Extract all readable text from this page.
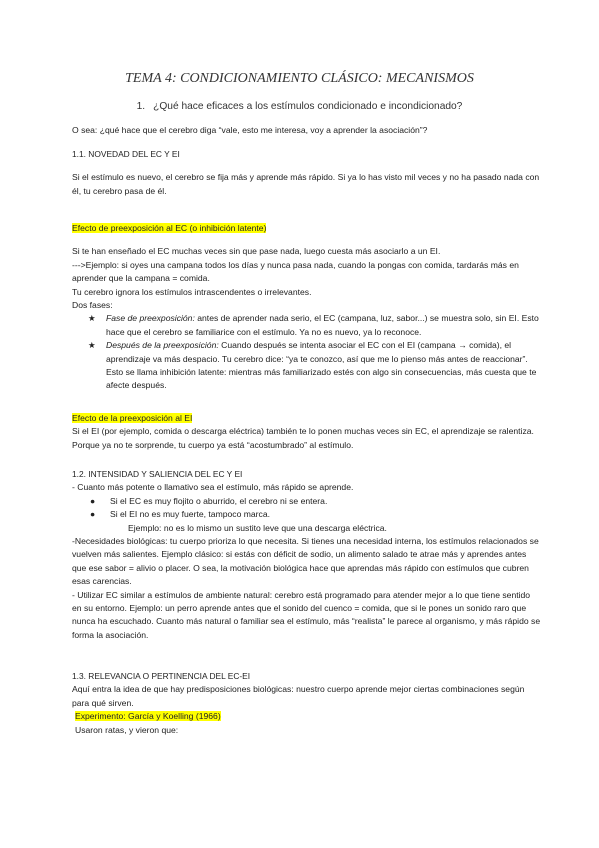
TEMA 4: CONDICIONAMIENTO CLÁSICO: MECANISMOS
1. ¿Qué hace eficaces a los estímulos condicionado e incondicionado?

O sea: ¿qué hace que el cerebro diga “vale, esto me interesa, voy a aprender la asociación”?

1.1. NOVEDAD DEL EC Y EI

Si el estímulo es nuevo, el cerebro se fija más y aprende más rápido. Si ya lo has visto mil veces y no ha pasado nada con él, tu cerebro pasa de él.

Efecto de preexposición al EC (o inhibición latente)

Si te han enseñado el EC muchas veces sin que pase nada, luego cuesta más asociarlo a un EI.

--->Ejemplo: si oyes una campana todos los días y nunca pasa nada, cuando la pongas con comida, tardarás más en aprender que la campana = comida.

Tu cerebro ignora los estímulos intrascendentes o irrelevantes.

Dos fases:

★ Fase de preexposición: antes de aprender nada serio, el EC (campana, luz, sabor...) se muestra solo, sin EI. Esto hace que el cerebro se familiarice con el estímulo. Ya no es nuevo, ya lo reconoce.
★ Después de la preexposición: Cuando después se intenta asociar el EC con el EI (campana → comida), el aprendizaje va más despacio. Tu cerebro dice: “ya te conozco, así que me lo pienso más antes de reaccionar”. Esto se llama inhibición latente: mientras más familiarizado estés con algo sin consecuencias, más cuesta que te afecte después.

Efecto de la preexposición al EI

Si el EI (por ejemplo, comida o descarga eléctrica) también te lo ponen muchas veces sin EC, el aprendizaje se ralentiza. Porque ya no te sorprende, tu cuerpo ya está “acostumbrado” al estímulo.

1.2. INTENSIDAD Y SALIENCIA DEL EC Y EI

- Cuanto más potente o llamativo sea el estímulo, más rápido se aprende.

● Si el EC es muy flojito o aburrido, el cerebro ni se entera.
● Si el EI no es muy fuerte, tampoco marca.

Ejemplo: no es lo mismo un sustito leve que una descarga eléctrica.

-Necesidades biológicas: tu cuerpo prioriza lo que necesita. Si tienes una necesidad interna, los estímulos relacionados se vuelven más salientes. Ejemplo clásico: si estás con déficit de sodio, un alimento salado te atrae más y aprendes antes que ese sabor = alivio o placer. O sea, la motivación biológica hace que aprendas más rápido con estímulos que cubren esas carencias.

- Utilizar EC similar a estímulos de ambiente natural: cerebro está programado para atender mejor a lo que tiene sentido en su entorno. Ejemplo: un perro aprende antes que el sonido del cuenco = comida, que si le pones un sonido raro que nunca ha escuchado. Cuanto más natural o familiar sea el estímulo, más “realista” le parece al organismo, y más rápido se forma la asociación.

1.3. RELEVANCIA O PERTINENCIA DEL EC-EI

Aquí entra la idea de que hay predisposiciones biológicas: nuestro cuerpo aprende mejor ciertas combinaciones según para qué sirven.

Experimento: García y Koelling (1966)

Usaron ratas, y vieron que:
